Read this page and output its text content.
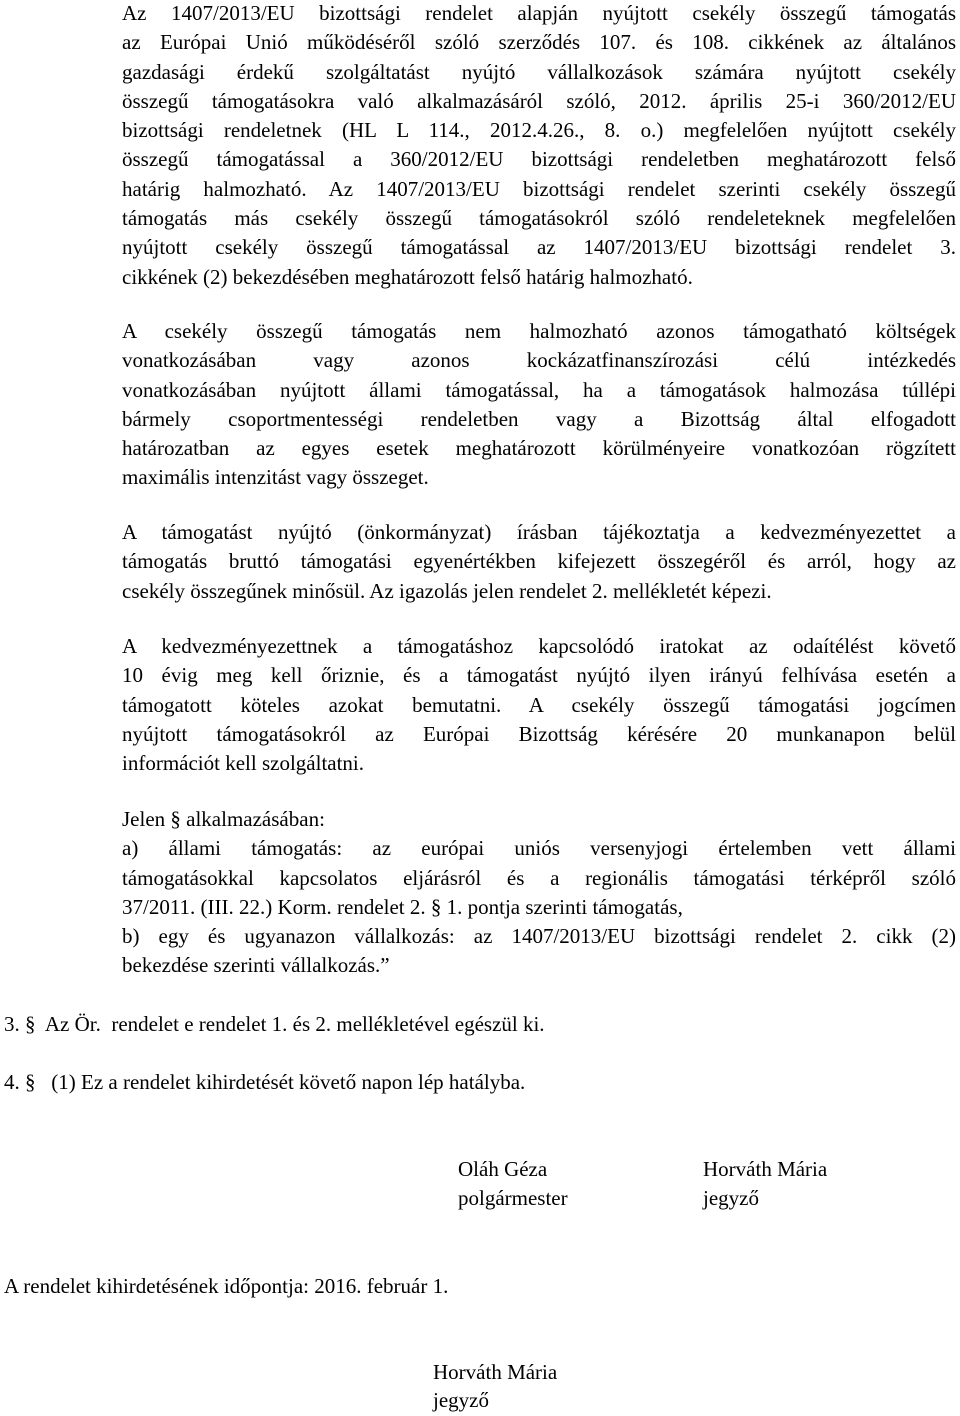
Az 1407/2013/EU bizottsági rendelet alapján nyújtott csekély összegű támogatás
az Európai Unió működéséről szóló szerződés 107. és 108. cikkének az általános
gazdasági érdekű szolgáltatást nyújtó vállalkozások számára nyújtott csekély
összegű támogatásokra való alkalmazásáról szóló, 2012. április 25-i 360/2012/EU
bizottsági rendeletnek (HL L 114., 2012.4.26., 8. o.) megfelelően nyújtott csekély
összegű támogatással a 360/2012/EU bizottsági rendeletben meghatározott felső
határig halmozható. Az 1407/2013/EU bizottsági rendelet szerinti csekély összegű
támogatás más csekély összegű támogatásokról szóló rendeleteknek megfelelően
nyújtott csekély összegű támogatással az 1407/2013/EU bizottsági rendelet 3.
cikkének (2) bekezdésében meghatározott felső határig halmozható.
A csekély összegű támogatás nem halmozható azonos támogatható költségek
vonatkozásában vagy azonos kockázatfinanszírozási célú intézkedés
vonatkozásában nyújtott állami támogatással, ha a támogatások halmozása túllépi
bármely csoportmentességi rendeletben vagy a Bizottság által elfogadott
határozatban az egyes esetek meghatározott körülményeire vonatkozóan rögzített
maximális intenzitást vagy összeget.
A támogatást nyújtó (önkormányzat) írásban tájékoztatja a kedvezményezettet a
támogatás bruttó támogatási egyenértékben kifejezett összegéről és arról, hogy az
csekély összegűnek minősül. Az igazolás jelen rendelet 2. mellékletét képezi.
A kedvezményezettnek a támogatáshoz kapcsolódó iratokat az odaítélést követő
10 évig meg kell őriznie, és a támogatást nyújtó ilyen irányú felhívása esetén a
támogatott köteles azokat bemutatni. A csekély összegű támogatási jogcímen
nyújtott támogatásokról az Európai Bizottság kérésére 20 munkanapon belül
információt kell szolgáltatni.
Jelen § alkalmazásában:
a) állami támogatás: az európai uniós versenyjogi értelemben vett állami
támogatásokkal kapcsolatos eljárásról és a regionális támogatási térképről szóló
37/2011. (III. 22.) Korm. rendelet 2. § 1. pontja szerinti támogatás,
b) egy és ugyanazon vállalkozás: az 1407/2013/EU bizottsági rendelet 2. cikk (2)
bekezdése szerinti vállalkozás.”
3. §  Az Ör.  rendelet e rendelet 1. és 2. mellékletével egészül ki.
4. §   (1) Ez a rendelet kihirdetését követő napon lép hatályba.
Oláh Géza
polgármester
Horváth Mária
jegyző
A rendelet kihirdetésének időpontja: 2016. február 1.
Horváth Mária
jegyző
